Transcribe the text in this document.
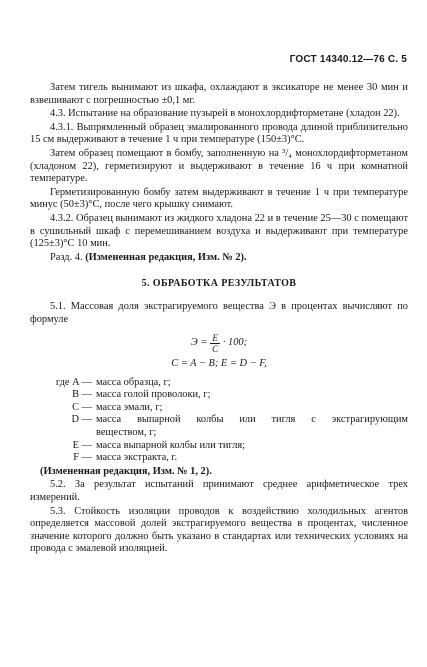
ГОСТ 14340.12—76 С. 5

Затем тигель вынимают из шкафа, охлаждают в эксикаторе не менее 30 мин и взвешивают с погрешностью ±0,1 мг.

4.3. Испытание на образование пузырей в монохлордифторметане (хладон 22).

4.3.1. Выпрямленный образец эмалированного провода длиной приблизительно 15 см выдерживают в течение 1 ч при температуре (150±3)°С.

Затем образец помещают в бомбу, заполненную на ³/₄ монохлордифторметаном (хладоном 22), герметизируют и выдерживают в течение 16 ч при комнатной температуре.

Герметизированную бомбу затем выдерживают в течение 1 ч при температуре минус (50±3)°С, после чего крышку снимают.

4.3.2. Образец вынимают из жидкого хладона 22 и в течение 25—30 с помещают в сушильный шкаф с перемешиванием воздуха и выдерживают при температуре (125±3)°С 10 мин.

Разд. 4. (Измененная редакция, Изм. № 2).

5. ОБРАБОТКА РЕЗУЛЬТАТОВ

5.1. Массовая доля экстрагируемого вещества Э в процентах вычисляют по формуле

$Э = \frac{E}{C} \cdot 100$;
C = A − B; E = D − F,
где A — масса образца, г;
B — масса голой проволоки, г;
C — масса эмали, г;
D — масса выпарной колбы или тигля с экстрагирующим
веществом, г;
E — масса выпарной колбы или тигля;
F — масса экстракта, г.
(Измененная редакция, Изм. № 1, 2).

5.2. За результат испытаний принимают среднее арифметическое трех измерений.

5.3. Стойкость изоляции проводов к воздействию холодильных агентов определяется массовой долей экстрагируемого вещества в процентах, численное значение которого должно быть указано в стандартах или технических условиях на провода с эмалевой изоляцией.
